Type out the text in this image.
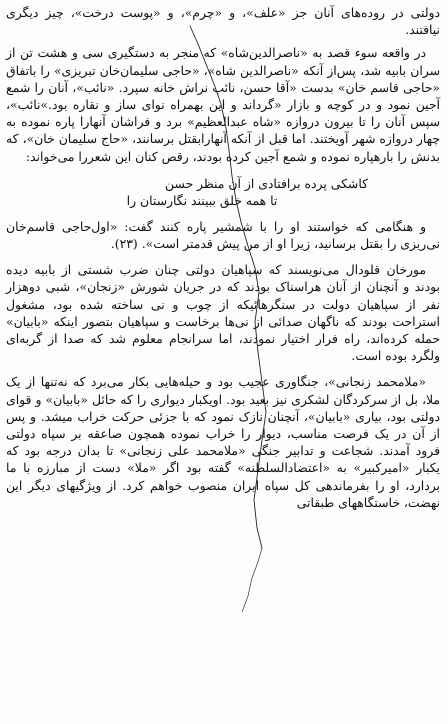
دولتی در روده‌های آنان جز «علف»، و «چرم»، و «پوست درخت»، چیز دیگری نیافتند.

در واقعه سوء قصد به «ناصرالدین‌شاه» که منجر به دستگیری سی و هشت تن از سران بابیه شد، پس‌از آنکه «ناصرالدین شاه»، «حاجی سلیمان‌خان تبریزی» را باتفاق «حاجی قاسم خان» بدست «آقا حسن، نائب نراش خانه سپرد. «نائب»، آنان را شمع آجین نمود و در کوچه و بازار «گرداند و این بهمراه نوای ساز و نقاره بود.»نائب»، سپس آنان را تا بیرون دروازه «شاه عبدالعظیم» برد و فراشان آنهارا پاره نموده به چهار دروازه شهر آویختند. اما قبل از آنکه آنهارابقتل برسانند، «حاج سلیمان خان»، که بدنش را بارهپاره نموده و شمع آجین کرده بودند، رقص کنان این شعررا می‌خواند:

کاشکی پرده برافتادی از آن منظر حسن
تا همه خلق ببینند نگارستان را

و هنگامی که خواستند او را با شمشیر پاره کنند گفت: «اول‌حاجی قاسم‌خان نی‌ریزی را بقتل برسانید، زیرا او از من پیش قدمتر است». (۲۳).

مورخان قلودال می‌نویسند که سپاهیان دولتی چنان ضرب شستی از بابیه دیده بودند و آنچنان از آنان هراسناک بودند که در جریان شورش «زنجان»، شبی دوهزار نفر از سپاهیان دولت در سنگرهائیکه از چوب و نی ساخته شده بود، مشغول استراحت بودند که ناگهان صدائی از نی‌ها برخاست و سپاهیان بتصور اینکه «بابیان» حمله کرده‌اند، راه فرار اختیار نمودند، اما سرانجام معلوم شد که صدا از گربه‌ای ولگرد بوده است.

«ملامحمد زنجانی»، جنگاوری عجیب بود و حیله‌هایی بکار می‌برد که نه‌تنها از یک ملا، بل از سرکردگان لشکری نیز بعید بود. اویکبار دیواری را که حائل «بابیان» و قوای دولتی بود، بیاری «بابیان»، آنچنان نازک نمود که با جزئی حرکت خراب میشد. و پس از آن در یک فرصت مناسب، دیوار را خراب نموده همچون صاعقه بر سپاه دولتی فرود آمدند. شجاعت و تدابیر جنگی «ملامحمد علی زنجانی» تا بدان درجه بود که یکبار «امیرکبیر» به «اعتضادالسلطنه» گفته بود اگر «ملا» دست از مبارزه با ما بردارد، او را بفرماندهی کل سپاه ایران منصوب خواهم کرد. از ویژگیهای دیگر این نهضت، خاستگاههای طبقاتی
